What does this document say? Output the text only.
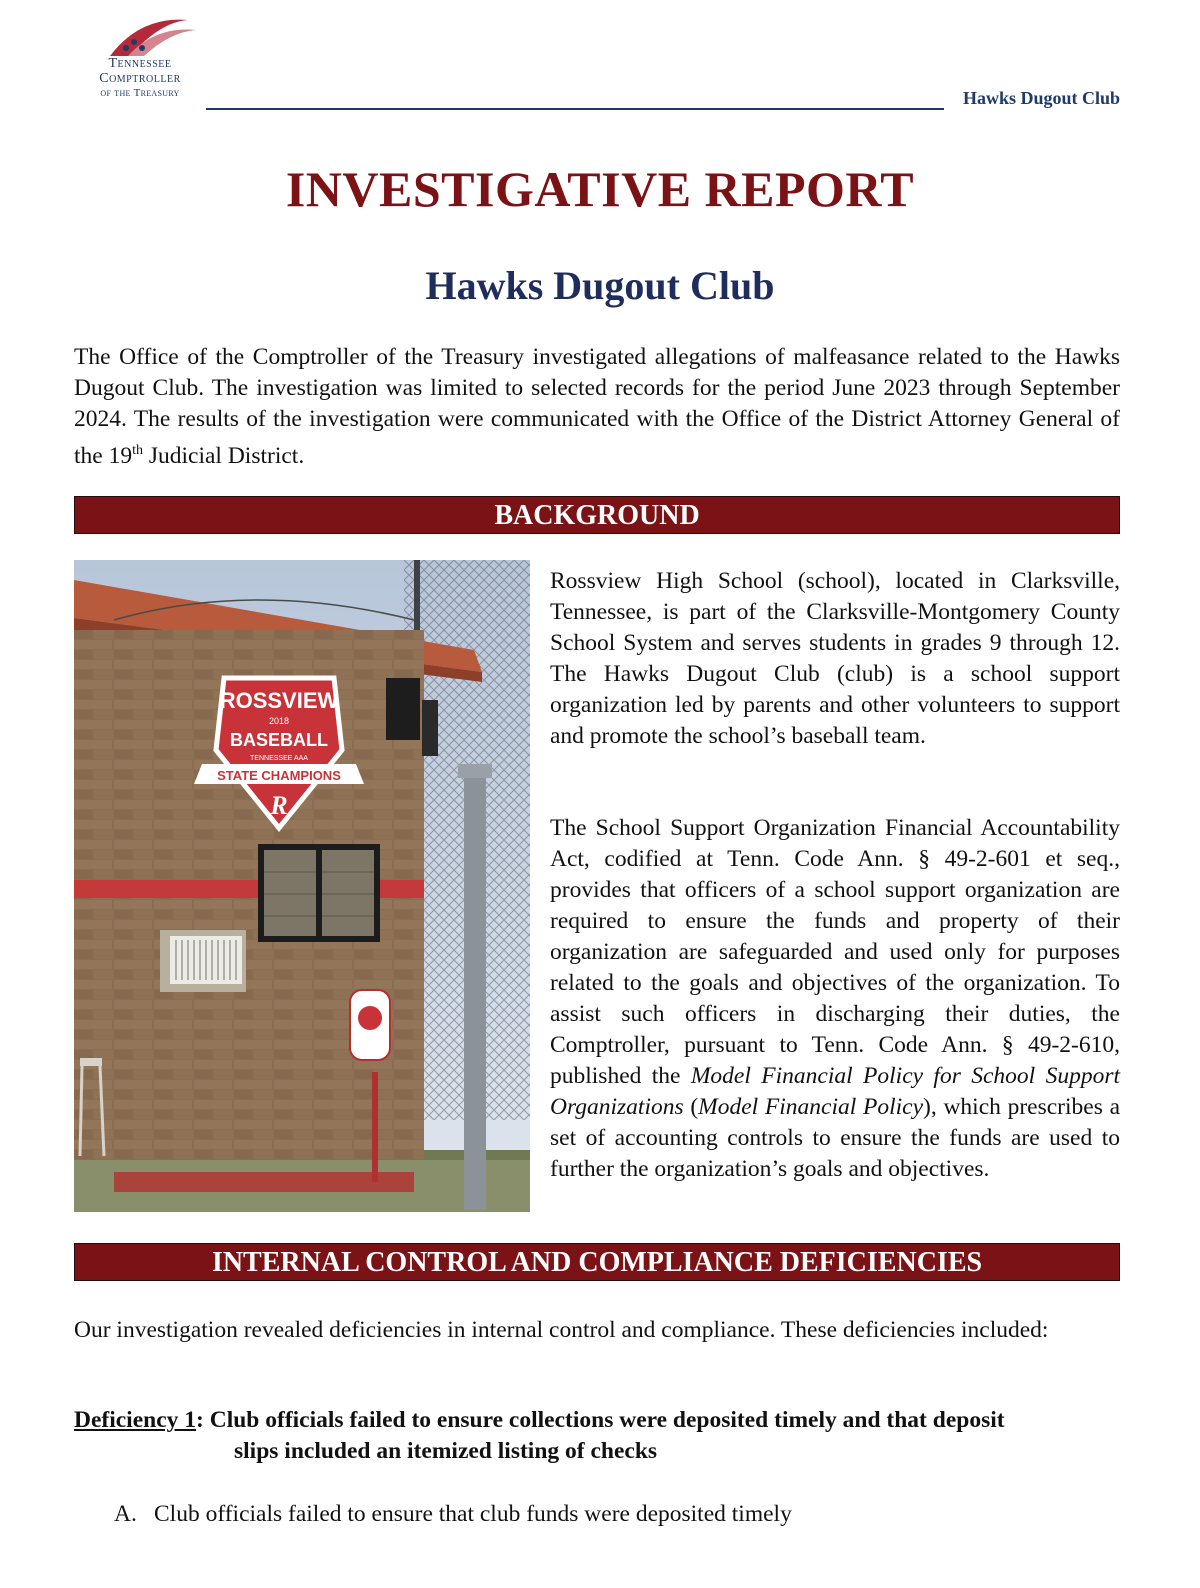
Tennessee
Comptroller
of the Treasury	Hawks Dugout Club
INVESTIGATIVE REPORT
Hawks Dugout Club
The Office of the Comptroller of the Treasury investigated allegations of malfeasance related to the Hawks Dugout Club. The investigation was limited to selected records for the period June 2023 through September 2024. The results of the investigation were communicated with the Office of the District Attorney General of the 19th Judicial District.
BACKGROUND
ROSSVIEW
2018
BASEBALL
TENNESSEE AAA
STATE CHAMPIONS
R
Rossview High School (school), located in Clarksville, Tennessee, is part of the Clarksville-Montgomery County School System and serves students in grades 9 through 12. The Hawks Dugout Club (club) is a school support organization led by parents and other volunteers to support and promote the school’s baseball team.
The School Support Organization Financial Accountability Act, codified at Tenn. Code Ann. § 49-2-601 et seq., provides that officers of a school support organization are required to ensure the funds and property of their organization are safeguarded and used only for purposes related to the goals and objectives of the organization. To assist such officers in discharging their duties, the Comptroller, pursuant to Tenn. Code Ann. § 49-2-610, published the Model Financial Policy for School Support Organizations (Model Financial Policy), which prescribes a set of accounting controls to ensure the funds are used to further the organization’s goals and objectives.
INTERNAL CONTROL AND COMPLIANCE DEFICIENCIES
Our investigation revealed deficiencies in internal control and compliance. These deficiencies included:
Deficiency 1: Club officials failed to ensure collections were deposited timely and that deposit
slips included an itemized listing of checks
A. Club officials failed to ensure that club funds were deposited timely
